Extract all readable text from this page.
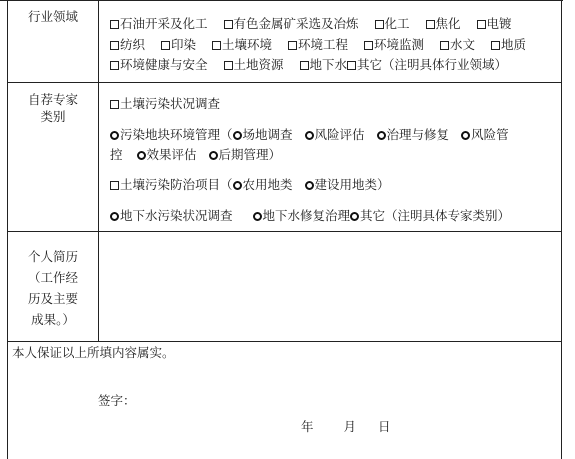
行业领域	石油开采及化工 有色金属矿采选及冶炼 化工 焦化 电镀
纺织 印染 土壤环境 环境工程 环境监测 水文 地质
环境健康与安全 土地资源 地下水 其它（注明具体行业领域）
自荐专家
类别
土壤污染状况调查
污染地块环境管理（ 场地调查 风险评估 治理与修复 风险管
控 效果评估 后期管理）
土壤污染防治项目（ 农用地类 建设用地类）
地下水污染状况调查 地下水修复治理 其它（注明具体专家类别）
个人简历
（工作经
历及主要
成果。）
本人保证以上所填内容属实。
签字：
年 月 日
